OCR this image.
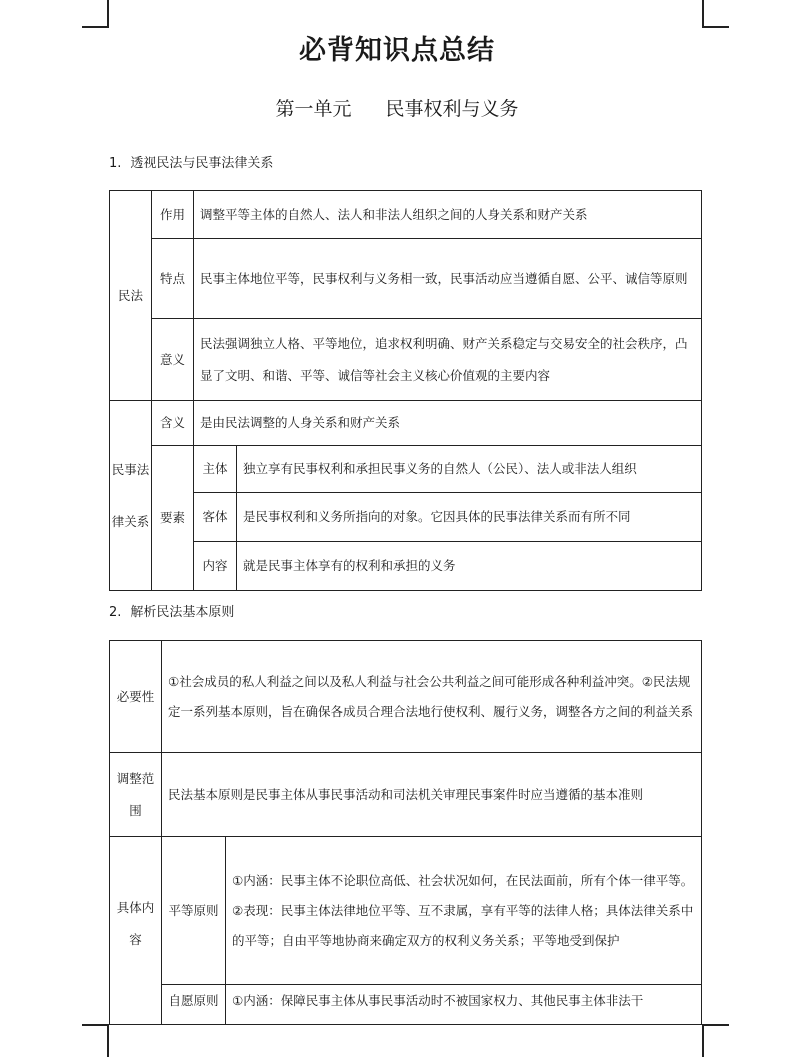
必背知识点总结
第一单元 民事权利与义务
1. 透视民法与民事法律关系
民法	作用	调整平等主体的自然人、法人和非法人组织之间的人身关系和财产关系	
	特点	民事主体地位平等，民事权利与义务相一致，民事活动应当遵循自愿、公平、诚信等原则	
	意义	民法强调独立人格、平等地位，追求权利明确、财产关系稳定与交易安全的社会秩序，凸显了文明、和谐、平等、诚信等社会主义核心价值观的主要内容	

民事法
律关系	含义	是由民法调整的人身关系和财产关系	
	要素	主体	独立享有民事权利和承担民事义务的自然人（公民）、法人或非法人组织
		客体	是民事权利和义务所指向的对象。它因具体的民事法律关系而有所不同
		内容	就是民事主体享有的权利和承担的义务
2. 解析民法基本原则
必要性	①社会成员的私人利益之间以及私人利益与社会公共利益之间可能形成各种利益冲突。②民法规定一系列基本原则，旨在确保各成员合理合法地行使权利、履行义务，调整各方之间的利益关系	

调整范
围	民法基本原则是民事主体从事民事活动和司法机关审理民事案件时应当遵循的基本准则	

具体内
容	平等原则	①内涵：民事主体不论职位高低、社会状况如何，在民法面前，所有个体一律平等。②表现：民事主体法律地位平等、互不隶属，享有平等的法律人格；具体法律关系中的平等；自由平等地协商来确定双方的权利义务关系；平等地受到保护
	自愿原则	①内涵：保障民事主体从事民事活动时不被国家权力、其他民事主体非法干
